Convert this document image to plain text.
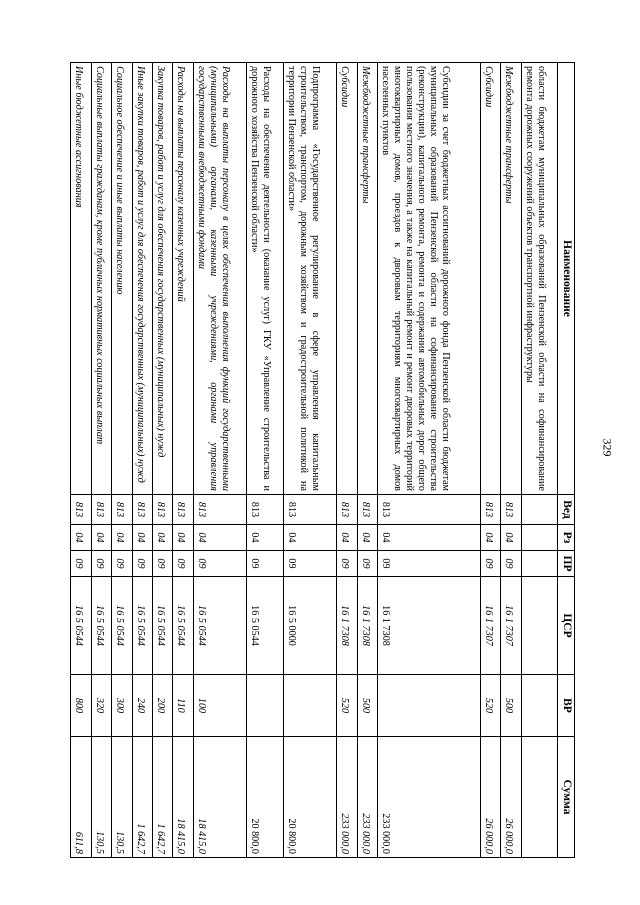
329
Наименование	Вед	Рз	ПР	ЦСР	ВР	Сумма
области бюджетам муниципальных образований Пензенской области на софинансирование ремонта дорожных сооружений объектов транспортной инфраструктуры						
Межбюджетные трансферты	813	04	09	16 1 7307	500	26 000,0
Субсидии	813	04	09	16 1 7307	520	26 000,0
Субсидии за счет бюджетных ассигнований дорожного фонда Пензенской области бюджетам муниципальных образований Пензенской области на софинансирование строительства (реконструкции), капитального ремонта, ремонта и содержания автомобильных дорог общего пользования местного значения, а также на капитальный ремонт и ремонт дворовых территорий многоквартирных домов, проездов к дворовым территориям многоквартирных домов населенных пунктов	813	04	09	16 1 7308		233 000,0
Межбюджетные трансферты	813	04	09	16 1 7308	500	233 000,0
Субсидии	813	04	09	16 1 7308	520	233 000,0
Подпрограмма «Государственное регулирование в сфере управления капитальным строительством, транспортом, дорожным хозяйством и градостроительной политикой на территории Пензенской области»	813	04	09	16 5 0000		20 800,0
Расходы на обеспечение деятельности (оказание услуг) ГКУ «Управление строительства и дорожного хозяйства Пензенской области»	813	04	09	16 5 0544		20 800,0
Расходы на выплаты персоналу в целях обеспечения выполнения функций государственными (муниципальными) органами, казенными учреждениями, органами управления государственными внебюджетными фондами	813	04	09	16 5 0544	100	18 415,0
Расходы на выплаты персоналу казенных учреждений	813	04	09	16 5 0544	110	18 415,0
Закупка товаров, работ и услуг для обеспечения государственных (муниципальных) нужд	813	04	09	16 5 0544	200	1 642,7
Иные закупки товаров, работ и услуг для обеспечения государственных (муниципальных) нужд	813	04	09	16 5 0544	240	1 642,7
Социальное обеспечение и иные выплаты населению	813	04	09	16 5 0544	300	130,5
Социальные выплаты гражданам, кроме публичных нормативных социальных выплат	813	04	09	16 5 0544	320	130,5
Иные бюджетные ассигнования	813	04	09	16 5 0544	800	611,8
